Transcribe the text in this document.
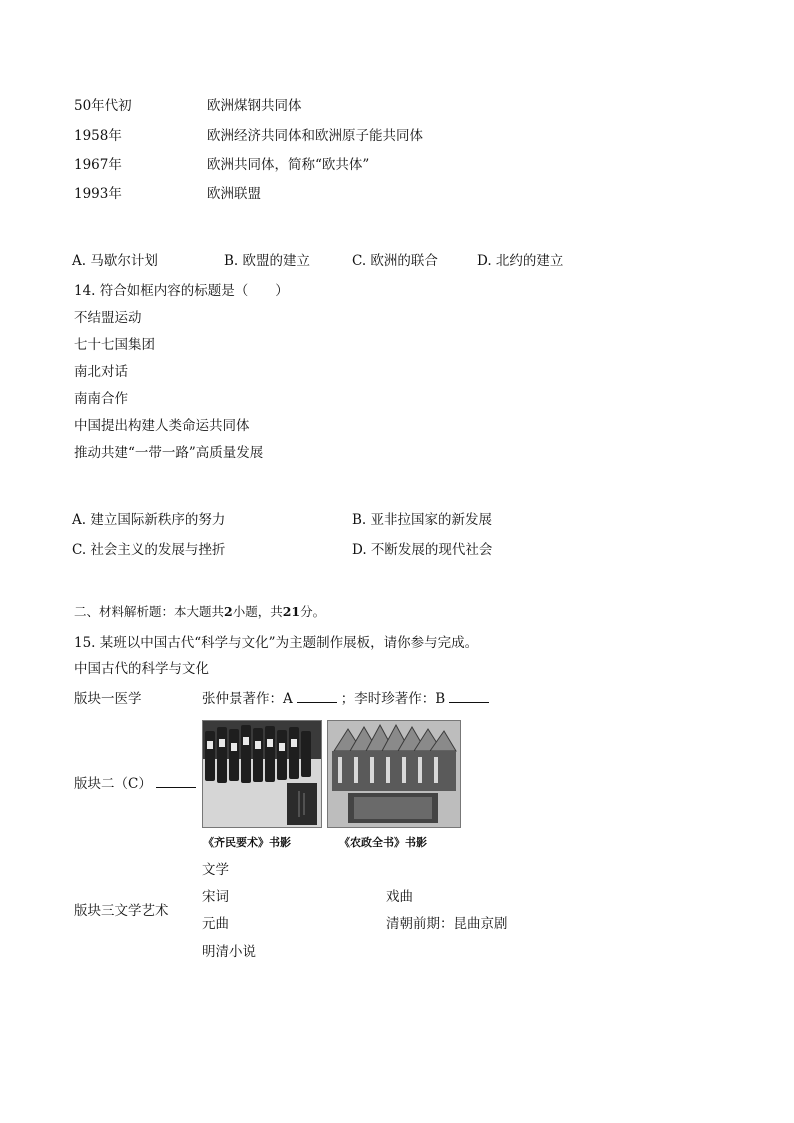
50年代初	欧洲煤钢共同体
1958年	欧洲经济共同体和欧洲原子能共同体
1967年	欧洲共同体，简称“欧共体”
1993年	欧洲联盟
A. 马歇尔计划	B. 欧盟的建立	C. 欧洲的联合	D. 北约的建立
14. 符合如框内容的标题是（　　）
不结盟运动
七十七国集团
南北对话
南南合作
中国提出构建人类命运共同体
推动共建“一带一路”高质量发展
A. 建立国际新秩序的努力	B. 亚非拉国家的新发展
C. 社会主义的发展与挫折	D. 不断发展的现代社会
二、材料解析题：本大题共2小题，共21分。
15. 某班以中国古代“科学与文化”为主题制作展板，请你参与完成。
中国古代的科学与文化
版块一医学	张仲景著作：A	；李时珍著作：B
版块二（C）
《齐民要术》书影	《农政全书》书影
版块三文学艺术
文学
宋词	戏曲
元曲	清朝前期：昆曲京剧
明清小说
